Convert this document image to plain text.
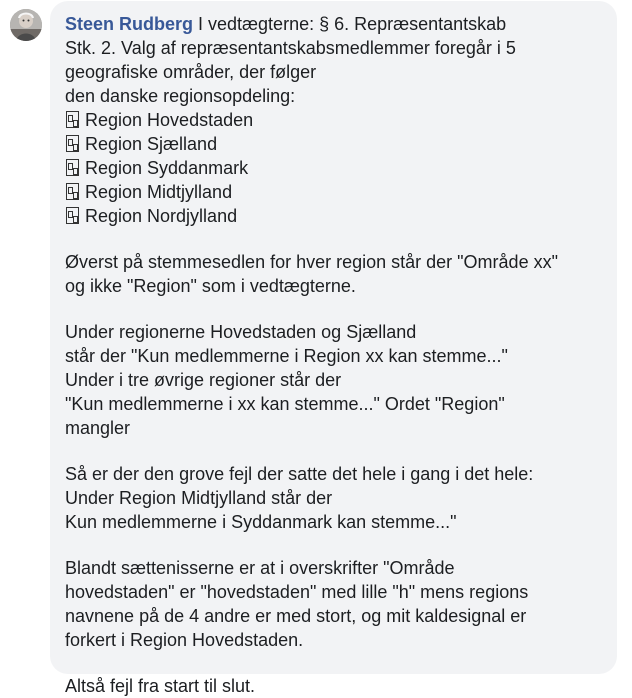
Steen Rudberg I vedtægterne: § 6. Repræsentantskab
Stk. 2. Valg af repræsentantskabsmedlemmer foregår i 5
geografiske områder, der følger
den danske regionsopdeling:
Region Hovedstaden
Region Sjælland
Region Syddanmark
Region Midtjylland
Region Nordjylland
Øverst på stemmesedlen for hver region står der "Område xx"
og ikke "Region" som i vedtægterne.
Under regionerne Hovedstaden og Sjælland
står der "Kun medlemmerne i Region xx kan stemme..."
Under i tre øvrige regioner står der
"Kun medlemmerne i xx kan stemme..." Ordet "Region"
mangler
Så er der den grove fejl der satte det hele i gang i det hele:
Under Region Midtjylland står der
Kun medlemmerne i Syddanmark kan stemme..."
Blandt sættenisserne er at i overskrifter "Område
hovedstaden" er "hovedstaden" med lille "h" mens regions
navnene på de 4 andre er med stort, og mit kaldesignal er
forkert i Region Hovedstaden.
Altså fejl fra start til slut.
